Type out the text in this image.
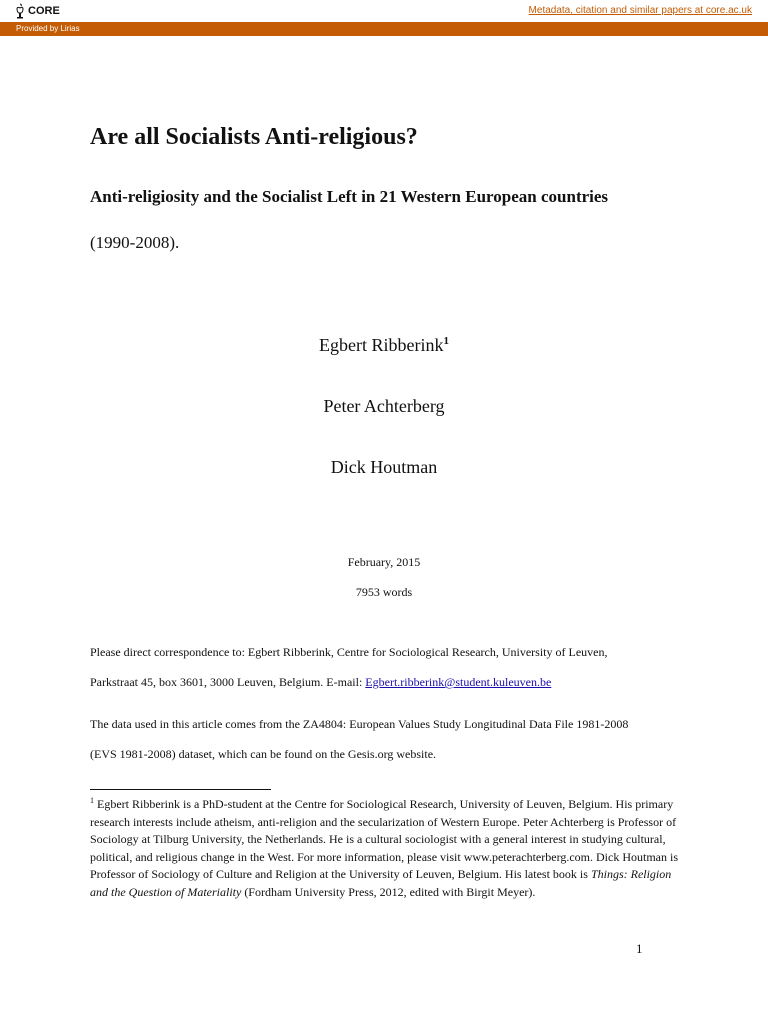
CORE	Metadata, citation and similar papers at core.ac.uk
Provided by Lirias
Are all Socialists Anti-religious?
Anti-religiosity and the Socialist Left in 21 Western European countries
(1990-2008).
Egbert Ribberink$^1$
Peter Achterberg
Dick Houtman
February, 2015
7953 words
Please direct correspondence to: Egbert Ribberink, Centre for Sociological Research, University of Leuven,
Parkstraat 45, box 3601, 3000 Leuven, Belgium. E-mail: Egbert.ribberink@student.kuleuven.be
The data used in this article comes from the ZA4804: European Values Study Longitudinal Data File 1981-2008
(EVS 1981-2008) dataset, which can be found on the Gesis.org website.
$^1$ Egbert Ribberink is a PhD-student at the Centre for Sociological Research, University of Leuven, Belgium. His primary research interests include atheism, anti-religion and the secularization of Western Europe. Peter Achterberg is Professor of Sociology at Tilburg University, the Netherlands. He is a cultural sociologist with a general interest in studying cultural, political, and religious change in the West. For more information, please visit www.peterachterberg.com. Dick Houtman is Professor of Sociology of Culture and Religion at the University of Leuven, Belgium. His latest book is Things: Religion and the Question of Materiality (Fordham University Press, 2012, edited with Birgit Meyer).
1
